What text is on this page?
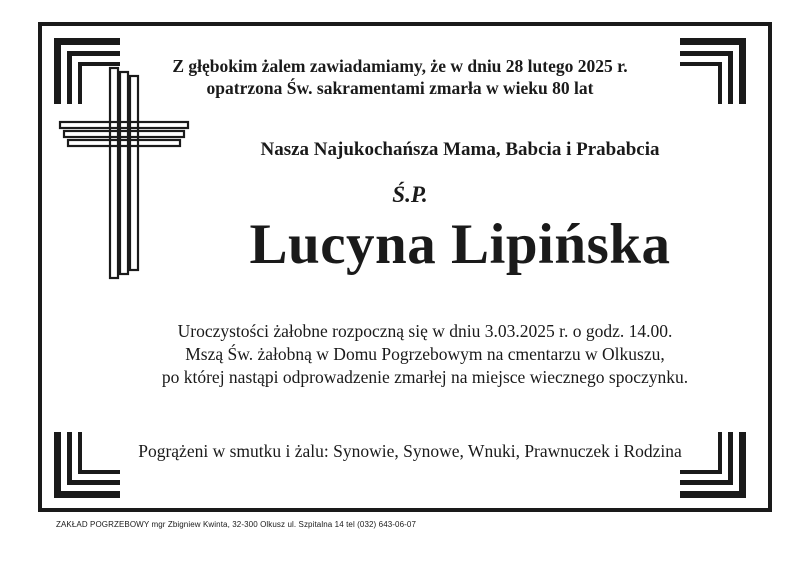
Z głębokim żalem zawiadamiamy, że w dniu 28 lutego 2025 r.
opatrzona Św. sakramentami zmarła w wieku 80 lat
Nasza Najukochańsza Mama, Babcia i Prababcia
Ś.P.
Lucyna Lipińska
Uroczystości żałobne rozpoczną się w dniu 3.03.2025 r. o godz. 14.00.
Mszą Św. żałobną w Domu Pogrzebowym na cmentarzu w Olkuszu,
po której nastąpi odprowadzenie zmarłej na miejsce wiecznego spoczynku.
Pogrążeni w smutku i żalu: Synowie, Synowe, Wnuki, Prawnuczek i Rodzina
ZAKŁAD POGRZEBOWY mgr Zbigniew Kwinta, 32-300 Olkusz ul. Szpitalna 14 tel (032) 643-06-07
